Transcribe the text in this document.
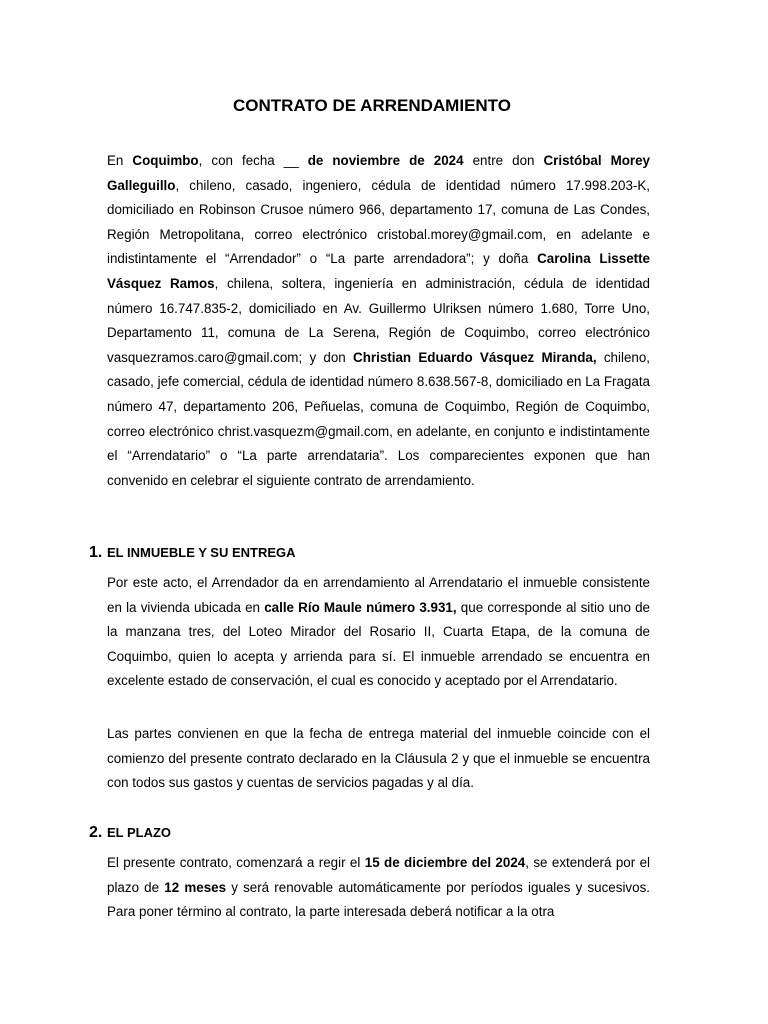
CONTRATO DE ARRENDAMIENTO

En Coquimbo, con fecha __ de noviembre de 2024 entre don Cristóbal Morey Galleguillo, chileno, casado, ingeniero, cédula de identidad número 17.998.203-K, domiciliado en Robinson Crusoe número 966, departamento 17, comuna de Las Condes, Región Metropolitana, correo electrónico cristobal.morey@gmail.com, en adelante e indistintamente el “Arrendador” o “La parte arrendadora”; y doña Carolina Lissette Vásquez Ramos, chilena, soltera, ingeniería en administración, cédula de identidad número 16.747.835-2, domiciliado en Av. Guillermo Ulriksen número 1.680, Torre Uno, Departamento 11, comuna de La Serena, Región de Coquimbo, correo electrónico vasquezramos.caro@gmail.com; y don Christian Eduardo Vásquez Miranda, chileno, casado, jefe comercial, cédula de identidad número 8.638.567-8, domiciliado en La Fragata número 47, departamento 206, Peñuelas, comuna de Coquimbo, Región de Coquimbo, correo electrónico christ.vasquezm@gmail.com, en adelante, en conjunto e indistintamente el “Arrendatario” o “La parte arrendataria”. Los comparecientes exponen que han convenido en celebrar el siguiente contrato de arrendamiento.

1. EL INMUEBLE Y SU ENTREGA

Por este acto, el Arrendador da en arrendamiento al Arrendatario el inmueble consistente en la vivienda ubicada en calle Río Maule número 3.931, que corresponde al sitio uno de la manzana tres, del Loteo Mirador del Rosario II, Cuarta Etapa, de la comuna de Coquimbo, quien lo acepta y arrienda para sí. El inmueble arrendado se encuentra en excelente estado de conservación, el cual es conocido y aceptado por el Arrendatario.

Las partes convienen en que la fecha de entrega material del inmueble coincide con el comienzo del presente contrato declarado en la Cláusula 2 y que el inmueble se encuentra con todos sus gastos y cuentas de servicios pagadas y al día.

2. EL PLAZO

El presente contrato, comenzará a regir el 15 de diciembre del 2024, se extenderá por el plazo de 12 meses y será renovable automáticamente por períodos iguales y sucesivos. Para poner término al contrato, la parte interesada deberá notificar a la otra
